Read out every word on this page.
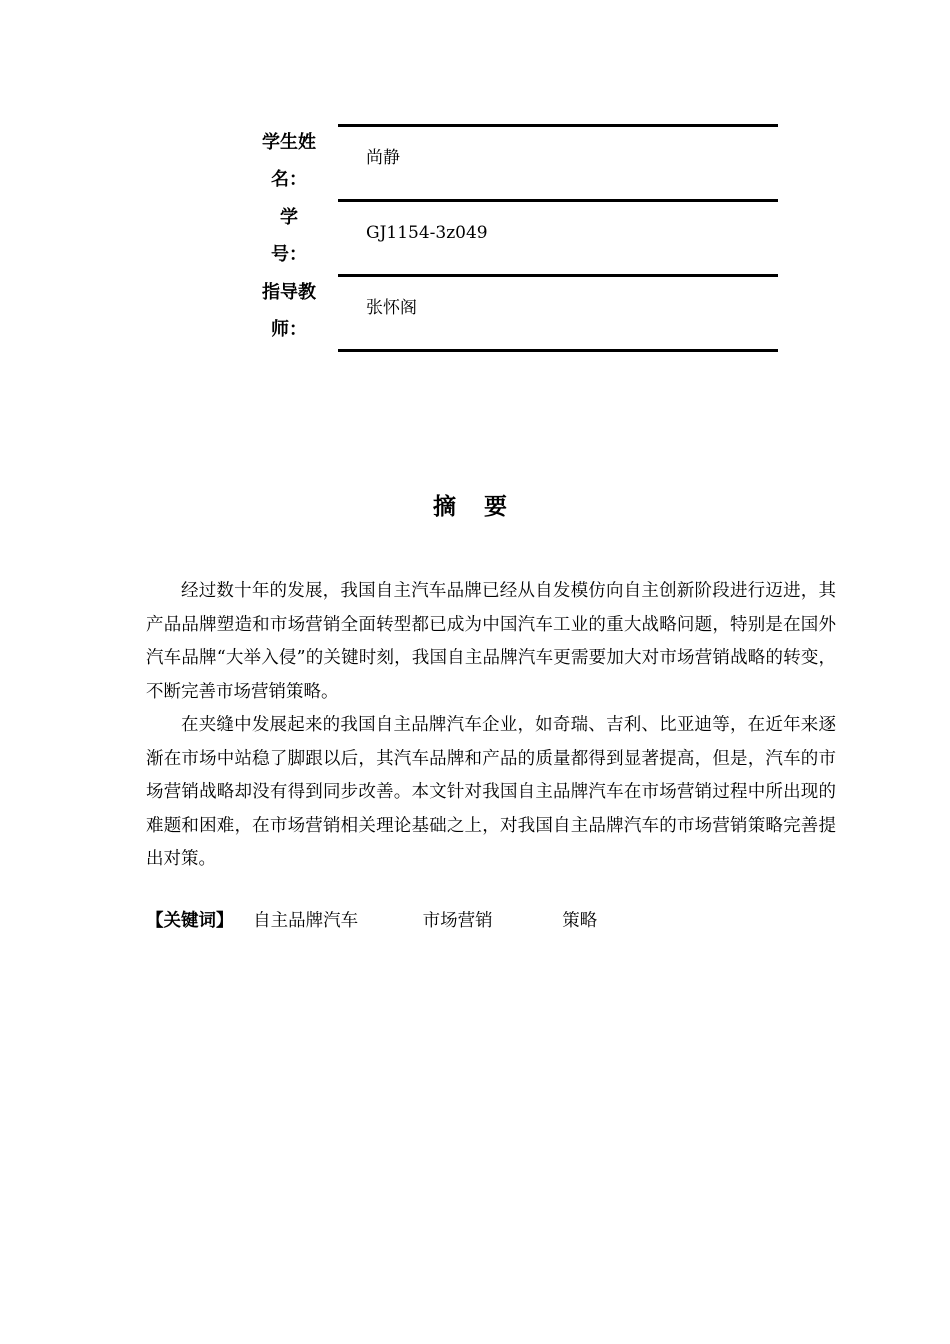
学生姓
名：
尚静
学
号：
GJ1154-3z049
指导教
师：
张怀阁
摘 要

经过数十年的发展，我国自主汽车品牌已经从自发模仿向自主创新阶段进行迈进，其产品品牌塑造和市场营销全面转型都已成为中国汽车工业的重大战略问题，特别是在国外汽车品牌“大举入侵”的关键时刻，我国自主品牌汽车更需要加大对市场营销战略的转变，不断完善市场营销策略。

在夹缝中发展起来的我国自主品牌汽车企业，如奇瑞、吉利、比亚迪等，在近年来逐渐在市场中站稳了脚跟以后，其汽车品牌和产品的质量都得到显著提高，但是，汽车的市场营销战略却没有得到同步改善。本文针对我国自主品牌汽车在市场营销过程中所出现的难题和困难，在市场营销相关理论基础之上，对我国自主品牌汽车的市场营销策略完善提出对策。

【关键词】 自主品牌汽车	市场营销	策略
